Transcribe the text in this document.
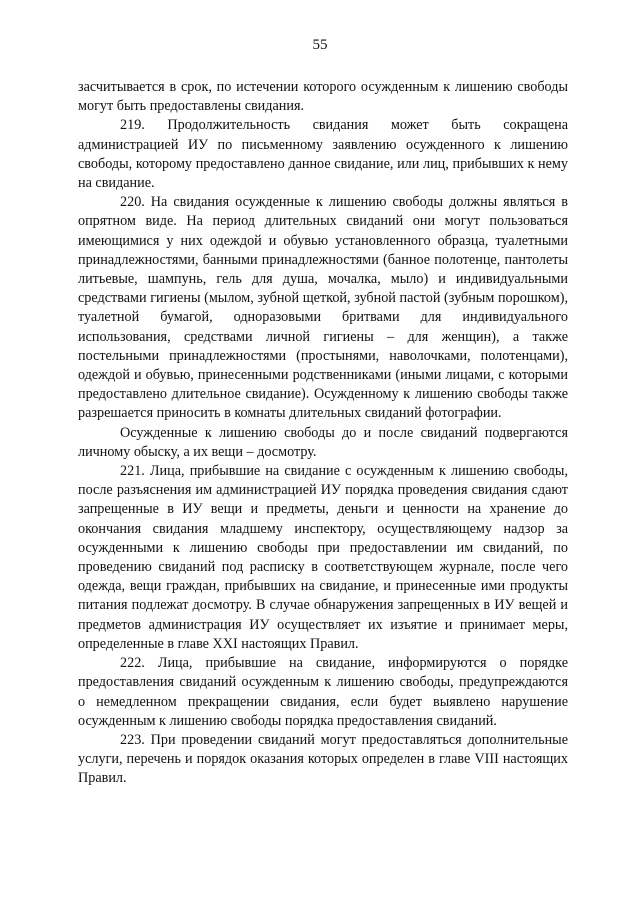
55

засчитывается в срок, по истечении которого осужденным к лишению свободы могут быть предоставлены свидания.

219. Продолжительность свидания может быть сокращена администрацией ИУ по письменному заявлению осужденного к лишению свободы, которому предоставлено данное свидание, или лиц, прибывших к нему на свидание.

220. На свидания осужденные к лишению свободы должны являться в опрятном виде. На период длительных свиданий они могут пользоваться имеющимися у них одеждой и обувью установленного образца, туалетными принадлежностями, банными принадлежностями (банное полотенце, пантолеты литьевые, шампунь, гель для душа, мочалка, мыло) и индивидуальными средствами гигиены (мылом, зубной щеткой, зубной пастой (зубным порошком), туалетной бумагой, одноразовыми бритвами для индивидуального использования, средствами личной гигиены – для женщин), а также постельными принадлежностями (простынями, наволочками, полотенцами), одеждой и обувью, принесенными родственниками (иными лицами, с которыми предоставлено длительное свидание). Осужденному к лишению свободы также разрешается приносить в комнаты длительных свиданий фотографии.

Осужденные к лишению свободы до и после свиданий подвергаются личному обыску, а их вещи – досмотру.

221. Лица, прибывшие на свидание с осужденным к лишению свободы, после разъяснения им администрацией ИУ порядка проведения свидания сдают запрещенные в ИУ вещи и предметы, деньги и ценности на хранение до окончания свидания младшему инспектору, осуществляющему надзор за осужденными к лишению свободы при предоставлении им свиданий, по проведению свиданий под расписку в соответствующем журнале, после чего одежда, вещи граждан, прибывших на свидание, и принесенные ими продукты питания подлежат досмотру. В случае обнаружения запрещенных в ИУ вещей и предметов администрация ИУ осуществляет их изъятие и принимает меры, определенные в главе XXI настоящих Правил.

222. Лица, прибывшие на свидание, информируются о порядке предоставления свиданий осужденным к лишению свободы, предупреждаются о немедленном прекращении свидания, если будет выявлено нарушение осужденным к лишению свободы порядка предоставления свиданий.

223. При проведении свиданий могут предоставляться дополнительные услуги, перечень и порядок оказания которых определен в главе VIII настоящих Правил.
